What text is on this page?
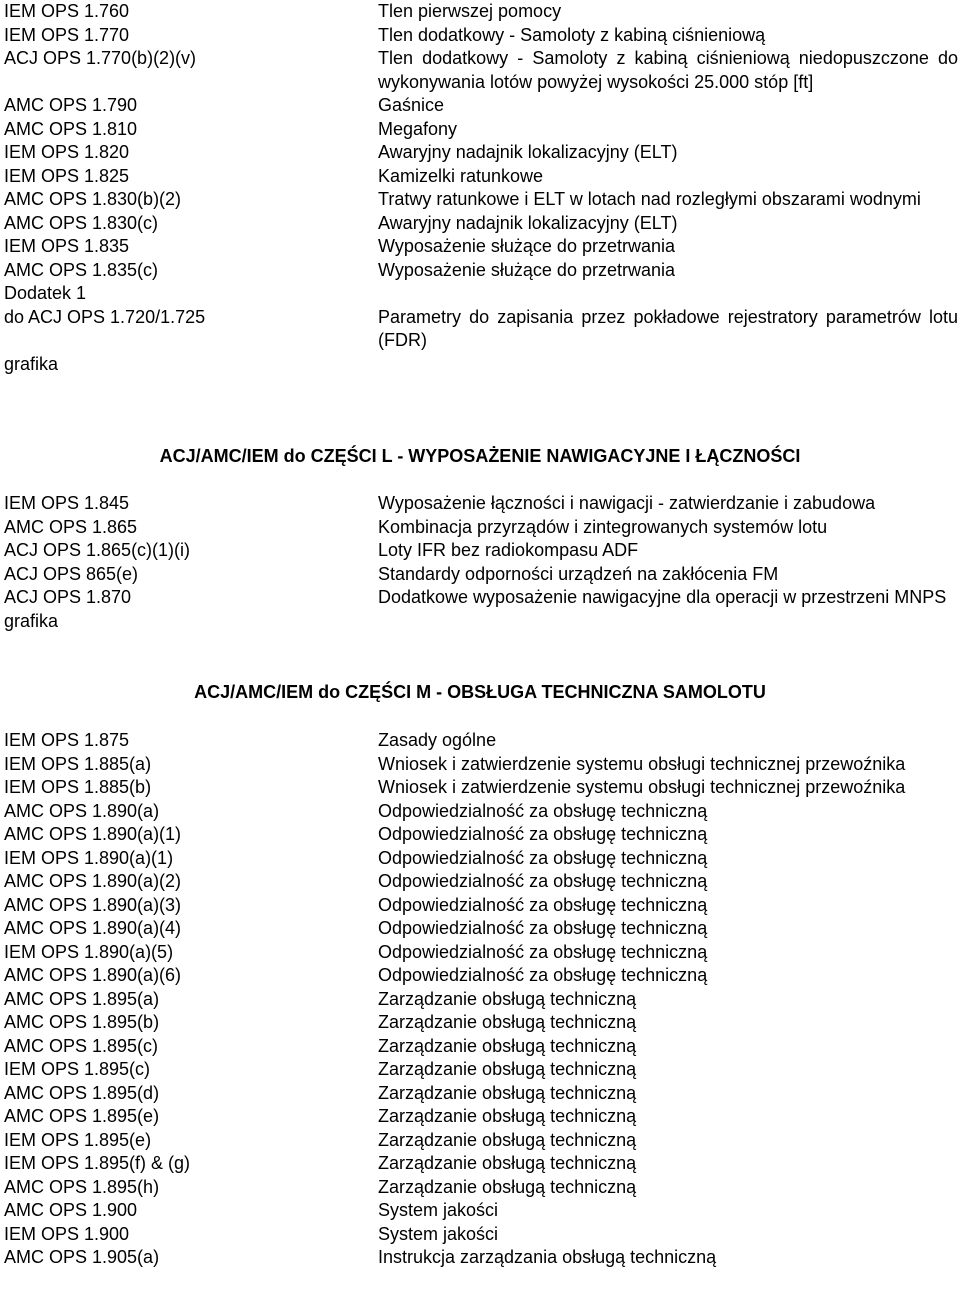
IEM OPS 1.760	Tlen pierwszej pomocy
IEM OPS 1.770	Tlen dodatkowy - Samoloty z kabiną ciśnieniową
ACJ OPS 1.770(b)(2)(v)	Tlen dodatkowy - Samoloty z kabiną ciśnieniową niedopuszczone do wykonywania lotów powyżej wysokości 25.000 stóp [ft]
AMC OPS 1.790	Gaśnice
AMC OPS 1.810	Megafony
IEM OPS 1.820	Awaryjny nadajnik lokalizacyjny (ELT)
IEM OPS 1.825	Kamizelki ratunkowe
AMC OPS 1.830(b)(2)	Tratwy ratunkowe i ELT w lotach nad rozległymi obszarami wodnymi
AMC OPS 1.830(c)	Awaryjny nadajnik lokalizacyjny (ELT)
IEM OPS 1.835	Wyposażenie służące do przetrwania
AMC OPS 1.835(c)	Wyposażenie służące do przetrwania
Dodatek 1

do ACJ OPS 1.720/1.725	Parametry do zapisania przez pokładowe rejestratory parametrów lotu (FDR)
grafika

ACJ/AMC/IEM do CZĘŚCI L - WYPOSAŻENIE NAWIGACYJNE I ŁĄCZNOŚCI
IEM OPS 1.845	Wyposażenie łączności i nawigacji - zatwierdzanie i zabudowa
AMC OPS 1.865	Kombinacja przyrządów i zintegrowanych systemów lotu
ACJ OPS 1.865(c)(1)(i)	Loty IFR bez radiokompasu ADF
ACJ OPS 865(e)	Standardy odporności urządzeń na zakłócenia FM
ACJ OPS 1.870	Dodatkowe wyposażenie nawigacyjne dla operacji w przestrzeni MNPS
grafika

ACJ/AMC/IEM do CZĘŚCI M - OBSŁUGA TECHNICZNA SAMOLOTU
IEM OPS 1.875	Zasady ogólne
IEM OPS 1.885(a)	Wniosek i zatwierdzenie systemu obsługi technicznej przewoźnika
IEM OPS 1.885(b)	Wniosek i zatwierdzenie systemu obsługi technicznej przewoźnika
AMC OPS 1.890(a)	Odpowiedzialność za obsługę techniczną
AMC OPS 1.890(a)(1)	Odpowiedzialność za obsługę techniczną
IEM OPS 1.890(a)(1)	Odpowiedzialność za obsługę techniczną
AMC OPS 1.890(a)(2)	Odpowiedzialność za obsługę techniczną
AMC OPS 1.890(a)(3)	Odpowiedzialność za obsługę techniczną
AMC OPS 1.890(a)(4)	Odpowiedzialność za obsługę techniczną
IEM OPS 1.890(a)(5)	Odpowiedzialność za obsługę techniczną
AMC OPS 1.890(a)(6)	Odpowiedzialność za obsługę techniczną
AMC OPS 1.895(a)	Zarządzanie obsługą techniczną
AMC OPS 1.895(b)	Zarządzanie obsługą techniczną
AMC OPS 1.895(c)	Zarządzanie obsługą techniczną
IEM OPS 1.895(c)	Zarządzanie obsługą techniczną
AMC OPS 1.895(d)	Zarządzanie obsługą techniczną
AMC OPS 1.895(e)	Zarządzanie obsługą techniczną
IEM OPS 1.895(e)	Zarządzanie obsługą techniczną
IEM OPS 1.895(f) & (g)	Zarządzanie obsługą techniczną
AMC OPS 1.895(h)	Zarządzanie obsługą techniczną
AMC OPS 1.900	System jakości
IEM OPS 1.900	System jakości
AMC OPS 1.905(a)	Instrukcja zarządzania obsługą techniczną
